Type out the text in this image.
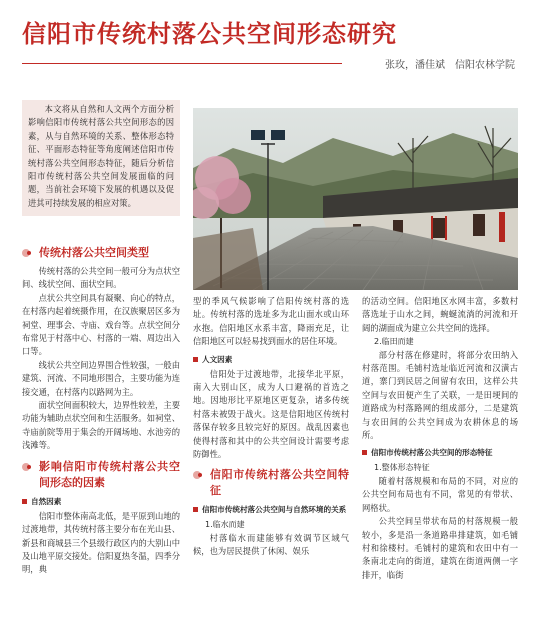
信阳市传统村落公共空间形态研究
张玫，潘佳斌　信阳农林学院

本文将从自然和人文两个方面分析影响信阳市传统村落公共空间形态的因素，从与自然环境的关系、整体形态特征、平面形态特征等角度阐述信阳市传统村落公共空间形态特征，随后分析信阳市传统村落公共空间发展面临的问题，当前社会环境下发展的机遇以及促进其可持续发展的相应对策。

传统村落公共空间类型

传统村落的公共空间一般可分为点状空间、线状空间、面状空间。

点状公共空间具有凝聚、向心的特点，在村落内起着统摄作用，在汉族聚居区多为祠堂、理事会、寺庙、戏台等。点状空间分布常见于村落中心、村落的一端、周边出入口等。

线状公共空间边界围合性较强，一般由建筑、河流、不同地形围合，主要功能为连接交通，在村落内以路网为主。

面状空间面积较大，边界性较差，主要功能为辅助点状空间和生活服务。如祠堂、寺庙前院等用于集会的开阔场地、水池旁的浅滩等。

影响信阳市传统村落公共空间形态的因素
自然因素

信阳市整体南高北低，是平原到山地的过渡地带，其传统村落主要分布在光山县、新县和商城县三个县级行政区内的大别山中及山地平原交接处。信阳夏热冬温，四季分明，典

型的季风气候影响了信阳传统村落的选址。传统村落的选址多为北山面水或山环水抱。信阳地区水系丰富，降雨充足，让信阳地区可以轻易找到面水的居住环境。

人文因素

信阳处于过渡地带，北接华北平原，南入大别山区，成为人口避祸的首选之地。因地形比平原地区更复杂，诸多传统村落未被毁于战火。这是信阳地区传统村落保存较多且较完好的原因。战乱因素也使得村落和其中的公共空间设计需要考虑防御性。

信阳市传统村落公共空间特征
信阳市传统村落公共空间与自然环境的关系

1.临水而建

村落临水而建能够有效调节区域气候，也为居民提供了休闲、娱乐

的活动空间。信阳地区水网丰富，多数村落选址于山水之间，蜿蜒流淌的河流和开阔的湖面成为建立公共空间的选择。

2.临田而建

部分村落在修建时，将部分农田纳入村落范围。毛铺村选址临近河流和汉潢古道，寨门到民居之间留有农田，这样公共空间与农田便产生了关联，一是田埂间的道路成为村落路网的组成部分，二是建筑与农田间的公共空间成为农耕休息的场所。

信阳市传统村落公共空间的形态特征

1.整体形态特征

随着村落规模和布局的不同，对应的公共空间布局也有不同，常见的有带状、网格状。

公共空间呈带状布局的村落规模一般较小，多是沿一条道路串排建筑，如毛铺村和徐楼村。毛铺村的建筑和农田中有一条南北走向的街道，建筑在街道两侧一字排开，临街
